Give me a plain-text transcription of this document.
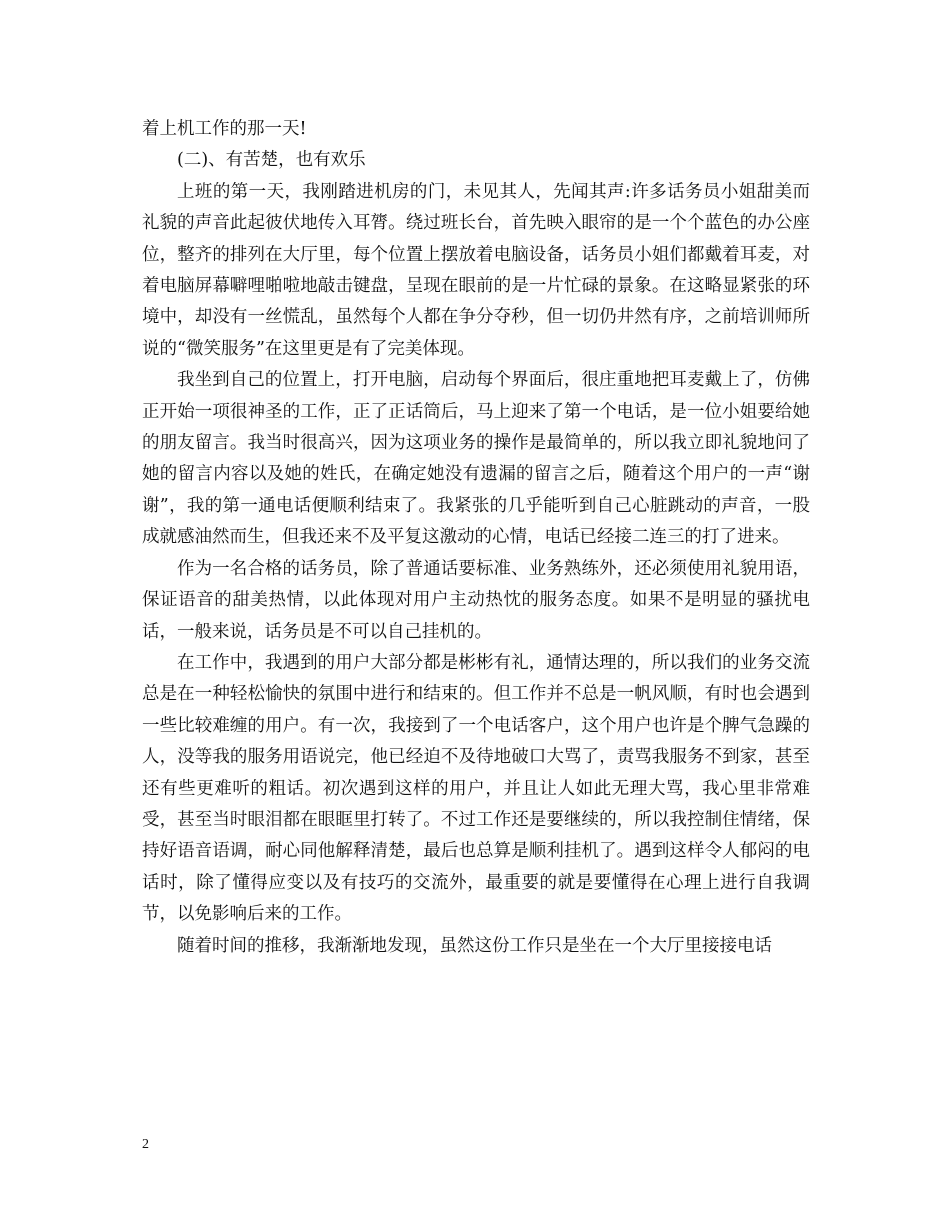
着上机工作的那一天!

(二)、有苦楚，也有欢乐

上班的第一天，我刚踏进机房的门，未见其人，先闻其声:许多话务员小姐甜美而礼貌的声音此起彼伏地传入耳膂。绕过班长台，首先映入眼帘的是一个个蓝色的办公座位，整齐的排列在大厅里，每个位置上摆放着电脑设备，话务员小姐们都戴着耳麦，对着电脑屏幕噼哩啪啦地敲击键盘，呈现在眼前的是一片忙碌的景象。在这略显紧张的环境中，却没有一丝慌乱，虽然每个人都在争分夺秒，但一切仍井然有序，之前培训师所说的“微笑服务”在这里更是有了完美体现。

我坐到自己的位置上，打开电脑，启动每个界面后，很庄重地把耳麦戴上了，仿佛正开始一项很神圣的工作，正了正话筒后，马上迎来了第一个电话，是一位小姐要给她的朋友留言。我当时很高兴，因为这项业务的操作是最简单的，所以我立即礼貌地问了她的留言内容以及她的姓氏，在确定她没有遗漏的留言之后，随着这个用户的一声“谢谢”，我的第一通电话便顺利结束了。我紧张的几乎能听到自己心脏跳动的声音，一股成就感油然而生，但我还来不及平复这激动的心情，电话已经接二连三的打了进来。

作为一名合格的话务员，除了普通话要标准、业务熟练外，还必须使用礼貌用语，保证语音的甜美热情，以此体现对用户主动热忱的服务态度。如果不是明显的骚扰电话，一般来说，话务员是不可以自己挂机的。

在工作中，我遇到的用户大部分都是彬彬有礼，通情达理的，所以我们的业务交流总是在一种轻松愉快的氛围中进行和结束的。但工作并不总是一帆风顺，有时也会遇到一些比较难缠的用户。有一次，我接到了一个电话客户，这个用户也许是个脾气急躁的人，没等我的服务用语说完，他已经迫不及待地破口大骂了，责骂我服务不到家，甚至还有些更难听的粗话。初次遇到这样的用户，并且让人如此无理大骂，我心里非常难受，甚至当时眼泪都在眼眶里打转了。不过工作还是要继续的，所以我控制住情绪，保持好语音语调，耐心同他解释清楚，最后也总算是顺利挂机了。遇到这样令人郁闷的电话时，除了懂得应变以及有技巧的交流外，最重要的就是要懂得在心理上进行自我调节，以免影响后来的工作。

随着时间的推移，我渐渐地发现，虽然这份工作只是坐在一个大厅里接接电话

2
